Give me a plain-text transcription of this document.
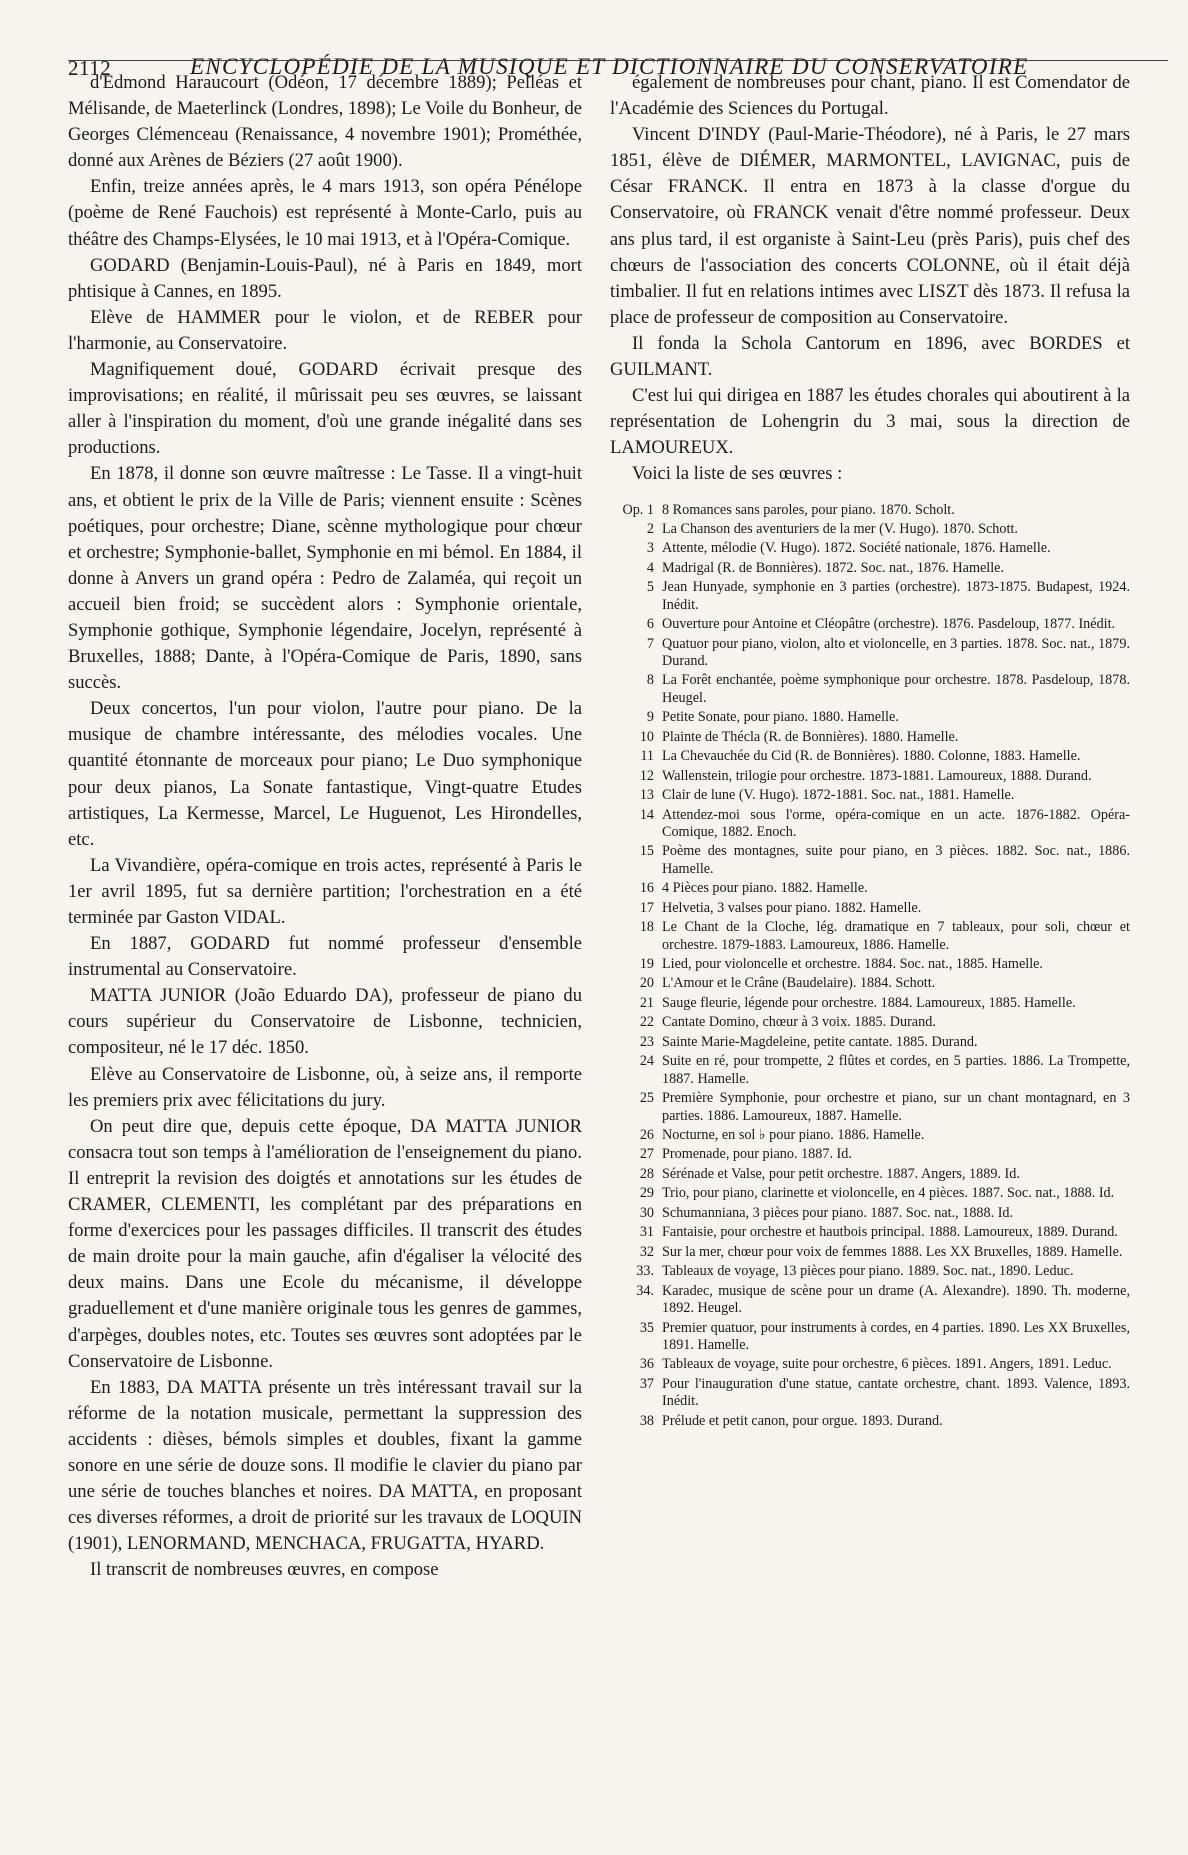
2112	ENCYCLOPÉDIE DE LA MUSIQUE ET DICTIONNAIRE DU CONSERVATOIRE

d'Edmond Haraucourt (Odéon, 17 décembre 1889); Pelléas et Mélisande, de Maeterlinck (Londres, 1898); Le Voile du Bonheur, de Georges Clémenceau (Renaissance, 4 novembre 1901); Prométhée, donné aux Arènes de Béziers (27 août 1900).

Enfin, treize années après, le 4 mars 1913, son opéra Pénélope (poème de René Fauchois) est représenté à Monte-Carlo, puis au théâtre des Champs-Elysées, le 10 mai 1913, et à l'Opéra-Comique.

GODARD (Benjamin-Louis-Paul), né à Paris en 1849, mort phtisique à Cannes, en 1895.

Elève de HAMMER pour le violon, et de REBER pour l'harmonie, au Conservatoire.

Magnifiquement doué, GODARD écrivait presque des improvisations; en réalité, il mûrissait peu ses œuvres, se laissant aller à l'inspiration du moment, d'où une grande inégalité dans ses productions.

En 1878, il donne son œuvre maîtresse : Le Tasse. Il a vingt-huit ans, et obtient le prix de la Ville de Paris; viennent ensuite : Scènes poétiques, pour orchestre; Diane, scènne mythologique pour chœur et orchestre; Symphonie-ballet, Symphonie en mi bémol. En 1884, il donne à Anvers un grand opéra : Pedro de Zalaméa, qui reçoit un accueil bien froid; se succèdent alors : Symphonie orientale, Symphonie gothique, Symphonie légendaire, Jocelyn, représenté à Bruxelles, 1888; Dante, à l'Opéra-Comique de Paris, 1890, sans succès.

Deux concertos, l'un pour violon, l'autre pour piano. De la musique de chambre intéressante, des mélodies vocales. Une quantité étonnante de morceaux pour piano; Le Duo symphonique pour deux pianos, La Sonate fantastique, Vingt-quatre Etudes artistiques, La Kermesse, Marcel, Le Huguenot, Les Hirondelles, etc.

La Vivandière, opéra-comique en trois actes, représenté à Paris le 1er avril 1895, fut sa dernière partition; l'orchestration en a été terminée par Gaston VIDAL.

En 1887, GODARD fut nommé professeur d'ensemble instrumental au Conservatoire.

MATTA JUNIOR (João Eduardo DA), professeur de piano du cours supérieur du Conservatoire de Lisbonne, technicien, compositeur, né le 17 déc. 1850.

Elève au Conservatoire de Lisbonne, où, à seize ans, il remporte les premiers prix avec félicitations du jury.

On peut dire que, depuis cette époque, DA MATTA JUNIOR consacra tout son temps à l'amélioration de l'enseignement du piano. Il entreprit la revision des doigtés et annotations sur les études de CRAMER, CLEMENTI, les complétant par des préparations en forme d'exercices pour les passages difficiles. Il transcrit des études de main droite pour la main gauche, afin d'égaliser la vélocité des deux mains. Dans une Ecole du mécanisme, il développe graduellement et d'une manière originale tous les genres de gammes, d'arpèges, doubles notes, etc. Toutes ses œuvres sont adoptées par le Conservatoire de Lisbonne.

En 1883, DA MATTA présente un très intéressant travail sur la réforme de la notation musicale, permettant la suppression des accidents : dièses, bémols simples et doubles, fixant la gamme sonore en une série de douze sons. Il modifie le clavier du piano par une série de touches blanches et noires. DA MATTA, en proposant ces diverses réformes, a droit de priorité sur les travaux de LOQUIN (1901), LENORMAND, MENCHACA, FRUGATTA, HYARD.

Il transcrit de nombreuses œuvres, en compose

également de nombreuses pour chant, piano. Il est Comendator de l'Académie des Sciences du Portugal.

Vincent D'INDY (Paul-Marie-Théodore), né à Paris, le 27 mars 1851, élève de DIÉMER, MARMONTEL, LAVIGNAC, puis de César FRANCK. Il entra en 1873 à la classe d'orgue du Conservatoire, où FRANCK venait d'être nommé professeur. Deux ans plus tard, il est organiste à Saint-Leu (près Paris), puis chef des chœurs de l'association des concerts COLONNE, où il était déjà timbalier. Il fut en relations intimes avec LISZT dès 1873. Il refusa la place de professeur de composition au Conservatoire.

Il fonda la Schola Cantorum en 1896, avec BORDES et GUILMANT.

C'est lui qui dirigea en 1887 les études chorales qui aboutirent à la représentation de Lohengrin du 3 mai, sous la direction de LAMOUREUX.

Voici la liste de ses œuvres :

Op. 1 8 Romances sans paroles, pour piano. 1870. Scholt.
2 La Chanson des aventuriers de la mer (V. Hugo). 1870. Schott.
3 Attente, mélodie (V. Hugo). 1872. Société nationale, 1876. Hamelle.
4 Madrigal (R. de Bonnières). 1872. Soc. nat., 1876. Hamelle.
5 Jean Hunyade, symphonie en 3 parties (orchestre). 1873-1875. Budapest, 1924. Inédit.
6 Ouverture pour Antoine et Cléopâtre (orchestre). 1876. Pasdeloup, 1877. Inédit.
7 Quatuor pour piano, violon, alto et violoncelle, en 3 parties. 1878. Soc. nat., 1879. Durand.
8 La Forêt enchantée, poème symphonique pour orchestre. 1878. Pasdeloup, 1878. Heugel.
9 Petite Sonate, pour piano. 1880. Hamelle.
10 Plainte de Thécla (R. de Bonnières). 1880. Hamelle.
11 La Chevauchée du Cid (R. de Bonnières). 1880. Colonne, 1883. Hamelle.
12 Wallenstein, trilogie pour orchestre. 1873-1881. Lamoureux, 1888. Durand.
13 Clair de lune (V. Hugo). 1872-1881. Soc. nat., 1881. Hamelle.
14 Attendez-moi sous l'orme, opéra-comique en un acte. 1876-1882. Opéra-Comique, 1882. Enoch.
15 Poème des montagnes, suite pour piano, en 3 pièces. 1882. Soc. nat., 1886. Hamelle.
16 4 Pièces pour piano. 1882. Hamelle.
17 Helvetia, 3 valses pour piano. 1882. Hamelle.
18 Le Chant de la Cloche, lég. dramatique en 7 tableaux, pour soli, chœur et orchestre. 1879-1883. Lamoureux, 1886. Hamelle.
19 Lied, pour violoncelle et orchestre. 1884. Soc. nat., 1885. Hamelle.
20 L'Amour et le Crâne (Baudelaire). 1884. Schott.
21 Sauge fleurie, légende pour orchestre. 1884. Lamoureux, 1885. Hamelle.
22 Cantate Domino, chœur à 3 voix. 1885. Durand.
23 Sainte Marie-Magdeleine, petite cantate. 1885. Durand.
24 Suite en ré, pour trompette, 2 flûtes et cordes, en 5 parties. 1886. La Trompette, 1887. Hamelle.
25 Première Symphonie, pour orchestre et piano, sur un chant montagnard, en 3 parties. 1886. Lamoureux, 1887. Hamelle.
26 Nocturne, en sol ♭ pour piano. 1886. Hamelle.
27 Promenade, pour piano. 1887. Id.
28 Sérénade et Valse, pour petit orchestre. 1887. Angers, 1889. Id.
29 Trio, pour piano, clarinette et violoncelle, en 4 pièces. 1887. Soc. nat., 1888. Id.
30 Schumanniana, 3 pièces pour piano. 1887. Soc. nat., 1888. Id.
31 Fantaisie, pour orchestre et hautbois principal. 1888. Lamoureux, 1889. Durand.
32 Sur la mer, chœur pour voix de femmes 1888. Les XX Bruxelles, 1889. Hamelle.
33. Tableaux de voyage, 13 pièces pour piano. 1889. Soc. nat., 1890. Leduc.
34. Karadec, musique de scène pour un drame (A. Alexandre). 1890. Th. moderne, 1892. Heugel.
35 Premier quatuor, pour instruments à cordes, en 4 parties. 1890. Les XX Bruxelles, 1891. Hamelle.
36 Tableaux de voyage, suite pour orchestre, 6 pièces. 1891. Angers, 1891. Leduc.
37 Pour l'inauguration d'une statue, cantate orchestre, chant. 1893. Valence, 1893. Inédit.
38 Prélude et petit canon, pour orgue. 1893. Durand.
